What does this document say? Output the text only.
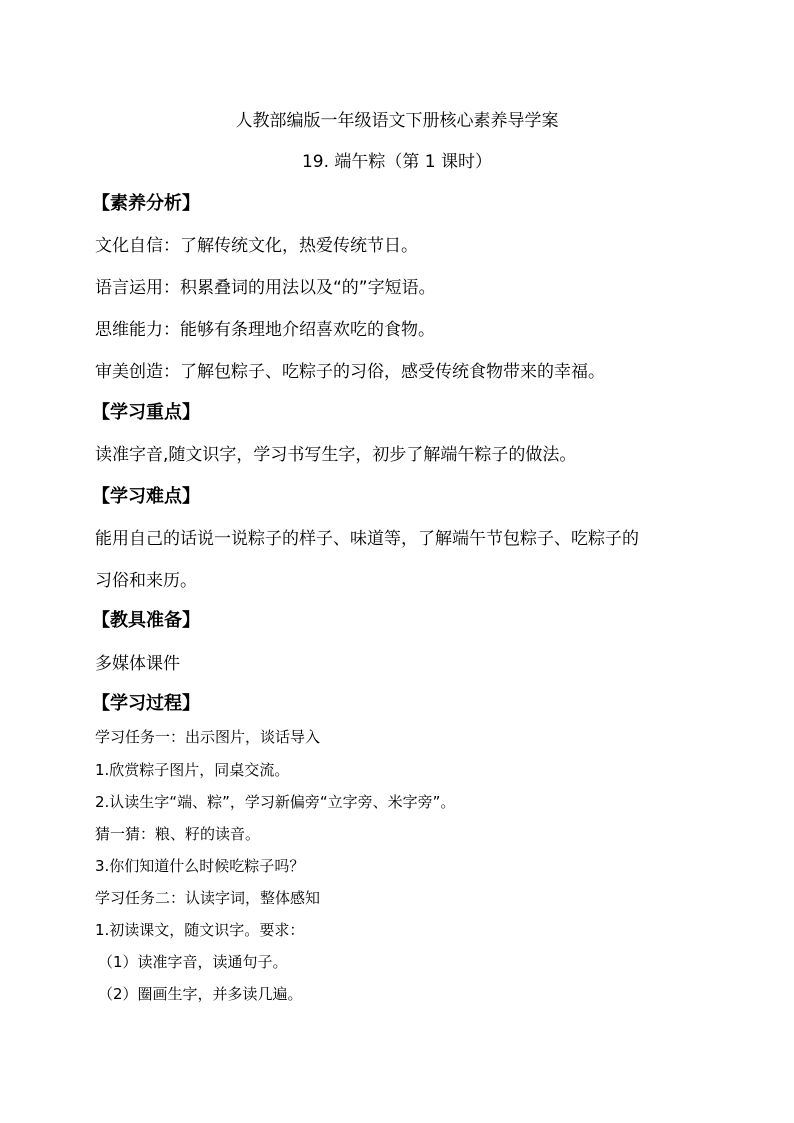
人教部编版一年级语文下册核心素养导学案
19. 端午粽（第 1 课时）
【素养分析】
文化自信：了解传统文化，热爱传统节日。
语言运用：积累叠词的用法以及“的”字短语。
思维能力：能够有条理地介绍喜欢吃的食物。
审美创造：了解包粽子、吃粽子的习俗，感受传统食物带来的幸福。
【学习重点】
读准字音,随文识字，学习书写生字，初步了解端午粽子的做法。
【学习难点】
能用自己的话说一说粽子的样子、味道等，了解端午节包粽子、吃粽子的
习俗和来历。
【教具准备】
多媒体课件
【学习过程】
学习任务一：出示图片，谈话导入
1.欣赏粽子图片，同桌交流。
2.认读生字“端、粽”，学习新偏旁“立字旁、米字旁”。
猜一猜：粮、籽的读音。
3.你们知道什么时候吃粽子吗？
学习任务二：认读字词，整体感知
1.初读课文，随文识字。要求：
（1）读准字音，读通句子。
（2）圈画生字，并多读几遍。
